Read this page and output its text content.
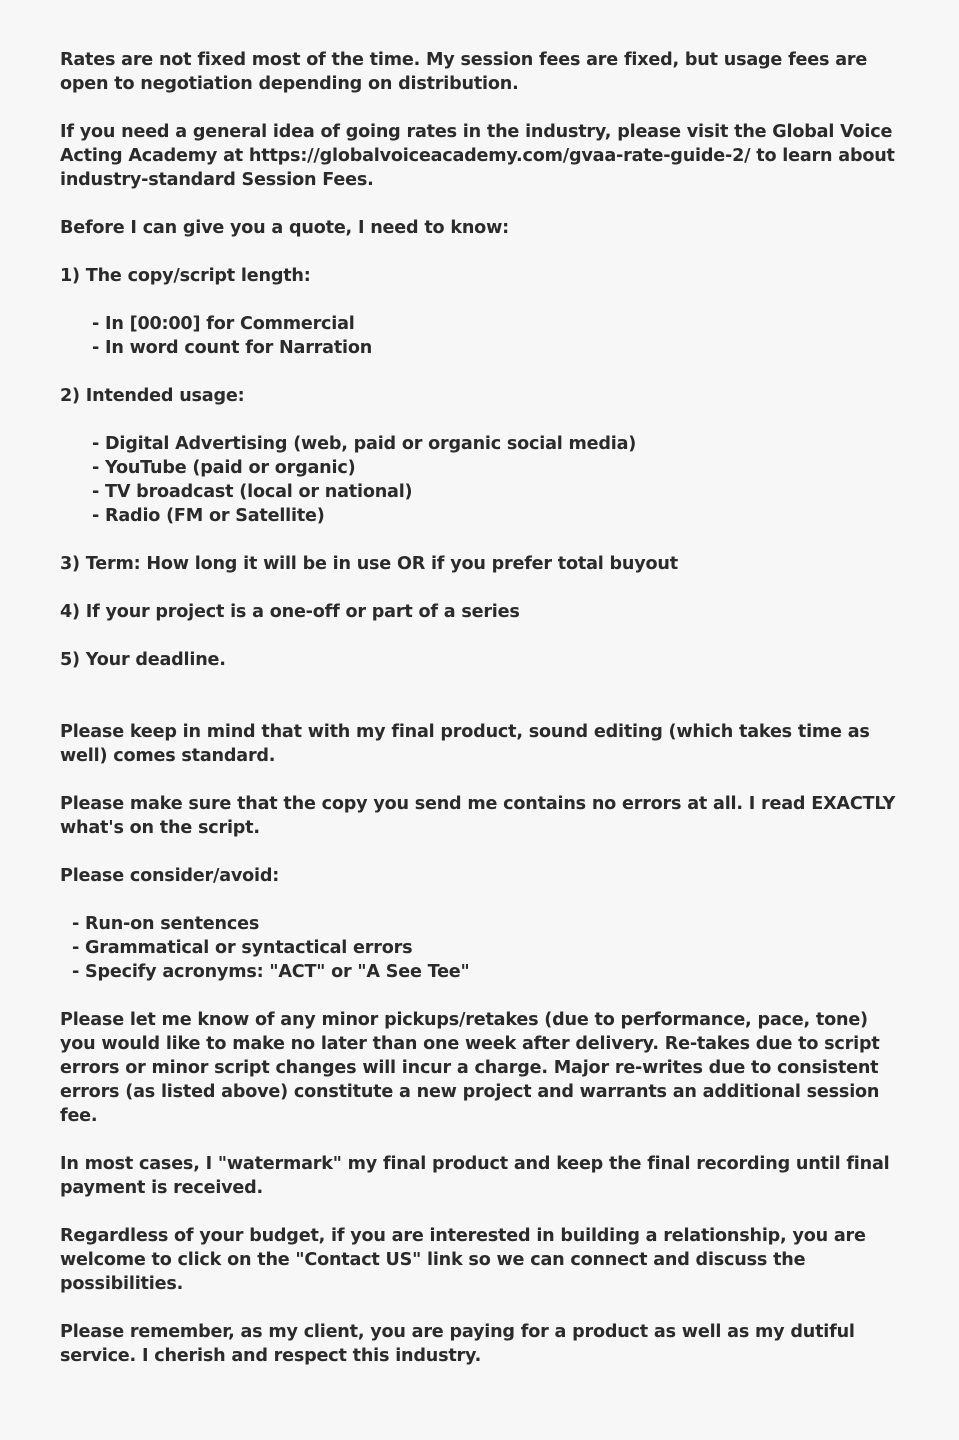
Rates are not fixed most of the time. My session fees are fixed, but usage fees are open to negotiation depending on distribution.

If you need a general idea of going rates in the industry, please visit the Global Voice Acting Academy at https://globalvoiceacademy.com/gvaa-rate-guide-2/ to learn about industry-standard Session Fees.

Before I can give you a quote, I need to know:

1) The copy/script length:

- In [00:00] for Commercial
- In word count for Narration

2) Intended usage:

- Digital Advertising (web, paid or organic social media)
- YouTube (paid or organic)
- TV broadcast (local or national)
- Radio (FM or Satellite)

3) Term: How long it will be in use OR if you prefer total buyout

4) If your project is a one-off or part of a series

5) Your deadline.

Please keep in mind that with my final product, sound editing (which takes time as well) comes standard.

Please make sure that the copy you send me contains no errors at all. I read EXACTLY what's on the script.

Please consider/avoid:

- Run-on sentences
- Grammatical or syntactical errors
- Specify acronyms: "ACT" or "A See Tee"

Please let me know of any minor pickups/retakes (due to performance, pace, tone) you would like to make no later than one week after delivery. Re-takes due to script errors or minor script changes will incur a charge. Major re-writes due to consistent errors (as listed above) constitute a new project and warrants an additional session fee.

In most cases, I "watermark" my final product and keep the final recording until final payment is received.

Regardless of your budget, if you are interested in building a relationship, you are welcome to click on the "Contact US" link so we can connect and discuss the possibilities.

Please remember, as my client, you are paying for a product as well as my dutiful service. I cherish and respect this industry.
